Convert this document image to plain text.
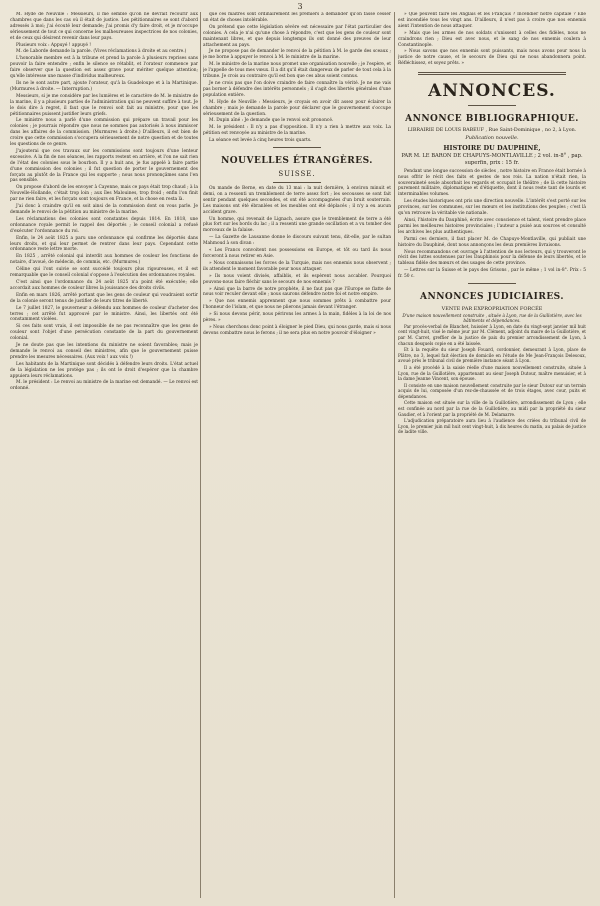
3

M. Hyde de Neuville : Messieurs, il me semble qu'on ne devrait recourir aux chambres que dans les cas où il était de justice. Les pétitionnaires se sont d'abord adressés à moi; j'ai écouté leur demande; j'ai promis d'y faire droit, et je m'occupe sérieusement de tout ce qui concerne les malheureuses inspectrices de nos colonies, et de ceux qui désirent revenir dans leur pays.

Plusieurs voix : Appuyé ! appuyé !

M. de Laborde demande la parole. (Vives réclamations à droite et au centre.)

L'honorable membre est à la tribune et prend la parole à plusieurs reprises sans pouvoir la faire entendre ; enfin le silence se rétablit, et l'orateur commence par faire observer que la question est assez grave pour mériter quelque attention; qu'elle intéresse une masse d'individus malheureux.

Ils ne le sont autre part, ajoute l'orateur, qu'à la Guadeloupe et à la Martinique. (Murmures à droite. — Interruption.)

Messieurs, si je me considère par les lumières et le caractère de M. le ministre de la marine, il y a plusieurs parties de l'administration qui ne peuvent suffire à tout. Je le dois dire à regret, il faut que le renvoi soit fait au ministre, pour que les pétitionnaires puissent justifier leurs griefs.

Le ministre nous a parlé d'une commission qui prépare un travail pour les colonies ; je pourrais répondre que nous ne sommes pas autorisés à nous immiscer dans les affaires de la commission. (Murmures à droite.) D'ailleurs, il est bien de croire que cette commission s'occupera sérieusement de notre question et de toutes les questions de ce genre.

J'ajouterai que ces travaux sur les commissions sont toujours d'une lenteur excessive. A la fin de nos séances, les rapports restent en arrière, et l'on ne sait rien de l'état des colonies sous le bourbon. Il y a huit ans, je fus appelé à faire partie d'une commission des colonies ; il fut question de porter le gouvernement des forçats au plutôt de la France qui les supporte ; nous nous prononçâmes sans l'en pas sensible.

On propose d'abord de les envoyer à Cayenne, mais ce pays était trop chaud ; à la Nouvelle-Hollande, c'était trop loin ; aux îles Malouines, trop froid ; enfin l'on finit par ne rien faire, et les forçats sont toujours en France, et la chose en resta là.

J'ai donc à craindre qu'il en soit ainsi de la commission dont on vous parle. Je demande le renvoi de la pétition au ministre de la marine.

Les réclamations des colonies sont constantes depuis 1814. En 1818, une ordonnance royale permit le rappel des déportés ; le conseil colonial a refusé d'exécuter l'ordonnance du roi.

Enfin, le 24 août 1825 a paru une ordonnance qui confirme les déportés dans leurs droits, et qui leur permet de rentrer dans leur pays. Cependant cette ordonnance reste lettre morte.

En 1825 , arrêté colonial qui interdit aux hommes de couleur les fonctions de notaire, d'avoué, de médecin, de commis, etc. (Murmures.)

Céline qui l'ont suivie se sont succédé toujours plus rigoureuses, et il est remarquable que le conseil colonial s'oppose à l'exécution des ordonnances royales.

C'est ainsi que l'ordonnance du 24 août 1825 n'a point été exécutée; elle accordait aux hommes de couleur libres la jouissance des droits civils.

Enfin en mars 1826, arrêté portant que les gens de couleur qui voudraient sortir de la colonie seront tenus de justifier de leurs titres de liberté.

Le 7 juillet 1827, le gouverneur a défendu aux hommes de couleur d'acheter des terres ; cet arrêté fut approuvé par le ministre. Ainsi, les libertés ont été constamment violées.

Si ces faits sont vrais, il est impossible de ne pas reconnaître que les gens de couleur sont l'objet d'une persécution constante de la part du gouvernement colonial.

Je ne doute pas que les intentions du ministre ne soient favorables; mais je demande le renvoi au conseil des ministres, afin que le gouvernement puisse prendre les mesures nécessaires. (Aux voix ! aux voix !)

Les habitants de la Martinique sont décidés à défendre leurs droits. L'état actuel de la législation ne les protège pas ; ils ont le droit d'espérer que la chambre appuiera leurs réclamations.

M. le président : Le renvoi au ministre de la marine est demandé. — Le renvoi est ordonné.

que ces maîtres sont ordinairement les premiers à demander qu'on fasse cesser un état de choses intolérable.

On prétend que cette législation sévère est nécessaire par l'état particulier des colonies. A cela je n'ai qu'une chose à répondre, c'est que les gens de couleur sont maintenant libres, et que depuis longtemps ils ont donné des preuves de leur attachement au pays.

Je ne propose pas de demander le renvoi de la pétition à M. le garde des sceaux ; je me borne à appuyer le renvoi à M. le ministre de la marine.

M. le ministre de la marine nous promet une organisation nouvelle ; je l'espère, et je l'appelle de tous mes vœux. Il a dit qu'il était dangereux de parler de tout cela à la tribune. Je crois au contraire qu'il est bon que ces abus soient connus.

Je ne crois pas que l'on doive craindre de faire connaître la vérité. Je ne me vais pas borner à défendre des intérêts personnels ; il s'agit des libertés générales d'une population entière.

M. Hyde de Neuville : Messieurs, je croyais en avoir dit assez pour éclairer la chambre ; mais je demande la parole pour déclarer que le gouvernement s'occupe sérieusement de la question.

M. Dupin aîné : Je demande que le renvoi soit prononcé.

M. le président : Il n'y a pas d'opposition. Il n'y a rien à mettre aux voix. La pétition est renvoyée au ministre de la marine.

La séance est levée à cinq heures trois quarts.

NOUVELLES ÉTRANGÈRES.
SUISSE.

On mande de Berne, en date du 13 mai : la nuit dernière, à environ minuit et demi, on a ressenti un tremblement de terre assez fort ; les secousses se sont fait sentir pendant quelques secondes, et ont été accompagnées d'un bruit souterrain. Les maisons ont été ébranlées et les meubles ont été déplacés ; il n'y a eu aucun accident grave.

Un homme, qui revenait de Lignach, assure que le tremblement de terre a été plus fort sur les bords du lac ; il a ressenti une grande oscillation et a vu tomber des morceaux de la falaise.

— La Gazette de Lausanne donne le discours suivant tenu, dit-elle, par le sultan Mahmoud à son divan :

« Les Francs convoitent nos possessions en Europe, et tôt ou tard ils nous forceront à nous retirer en Asie.

» Nous connaissons les forces de la Turquie, mais nos ennemis nous observent ; ils attendent le moment favorable pour nous attaquer.

» Ils nous voient divisés, affaiblis, et ils espèrent nous accabler. Pourquoi pouvons-nous faire fléchir sans le secours de nos ennemis ?

» Ainsi que la barre de notre prophète, il ne faut pas que l'Europe se flatte de nous voir reculer devant elle ; nous saurons défendre notre foi et notre empire.

» Que nos ennemis apprennent que nous sommes prêts à combattre pour l'honneur de l'islam, et que nous ne plierons jamais devant l'étranger.

» Si nous devons périr, nous périrons les armes à la main, fidèles à la loi de nos pères. »

» Nous cherchons donc point à éloigner le pied Dieu, qui nous garde, mais si nous devons combattre nous le ferons ; il ne sera plus en notre pouvoir d'éloigner »

» Que peuvent faire les Anglais et les Français ? Incendier notre capitale ? Elle est incendiée tous les vingt ans. D'ailleurs, il n'est pas à croire que nos ennemis aient l'intention de nous attaquer.

» Mais que les armes de nos soldats s'unissent à celles des fidèles, nous ne craindrons rien ; Dieu est avec nous, et le sang de nos ennemis coulera à Constantinople.

» Nous savons que nos ennemis sont puissants, mais nous avons pour nous la justice de notre cause, et le secours de Dieu qui ne nous abandonnera point. Réfléchissez, et soyez prêts. »

ANNONCES.
ANNONCE BIBLIOGRAPHIQUE.
LIBRAIRIE DE LOUIS BABEUF , Rue Saint-Dominique , no 2, à Lyon.
Publication nouvelle.
HISTOIRE DU DAUPHINÉ,
PAR M. LE BARON DE CHAPUYS-MONTLAVILLE ; 2 vol. in-8° , pap. superfin, prix : 15 fr.

Pendant une longue succession de siècles , notre histoire en France était bornée à nous offrir le récit des faits et gestes de nos rois. La nation n'était rien, la souveraineté seule absorbait les regards et occupait le théâtre ; de là cette histoire purement militaire, diplomatique et d'étiquette, dont il nous reste tant de lourds et interminables volumes.

Les études historiques ont pris une direction nouvelle. L'intérêt s'est porté sur les provinces, sur les communes, sur les mœurs et les institutions des peuples ; c'est là qu'on retrouve la véritable vie nationale.

Ainsi, l'histoire du Dauphiné, écrite avec conscience et talent, vient prendre place parmi les meilleures histoires provinciales ; l'auteur a puisé aux sources et consulté les archives les plus authentiques.

Parmi ces derniers, il faut placer M. de Chapuys-Montlaville, qui publiait une histoire du Dauphiné, dont nous annonçons les deux premières livraisons.

Nous recommandons cet ouvrage à l'attention de nos lecteurs, qui y trouveront le récit des luttes soutenues par les Dauphinois pour la défense de leurs libertés, et le tableau fidèle des mœurs et des usages de cette province.

— Lettres sur la Suisse et le pays des Grisons , par le même ; 1 vol in-8°. Prix : 5 fr. 50 c.

ANNONCES JUDICIAIRES.
VENTE PAR EXPROPRIATION FORCÉE
D'une maison nouvellement construite , située à Lyon, rue de la Guillotière, avec les bâtiments et dépendances.

Par procès-verbal de Blanchet, huissier à Lyon, en date du vingt-sept janvier mil huit cent vingt-huit, visé le même jour par M. Clément, adjoint du maire de la Guillotière, et par M. Carret, greffier de la justice de paix du premier arrondissement de Lyon, à chacun desquels copie en a été laissée.

Et à la requête du sieur Joseph Fouard, cordonnier, demeurant à Lyon, place de Plâtre, no 3, lequel fait élection de domicile en l'étude de Me Jean-François Delesoux, avoué près le tribunal civil de première instance séant à Lyon.

Il a été procédé à la saisie réelle d'une maison nouvellement construite, située à Lyon, rue de la Guillotière, appartenant au sieur Joseph Dutour, maître menuisier, et à la dame Jeanne Vincent, son épouse.

Il consiste en une maison nouvellement construite par le sieur Dutour sur un terrain acquis de lui, composée d'un rez-de-chaussée et de trois étages, avec cour, puits et dépendances.

Cette maison est située sur la ville de la Guillotière, arrondissement de Lyon ; elle est confinée au nord par la rue de la Guillotière, au midi par la propriété du sieur Gaudier, et à l'orient par la propriété de M. Delamarre.

L'adjudication préparatoire aura lieu à l'audience des criées du tribunal civil de Lyon, le premier juin mil huit cent vingt-huit, à dix heures du matin, au palais de justice de ladite ville.
